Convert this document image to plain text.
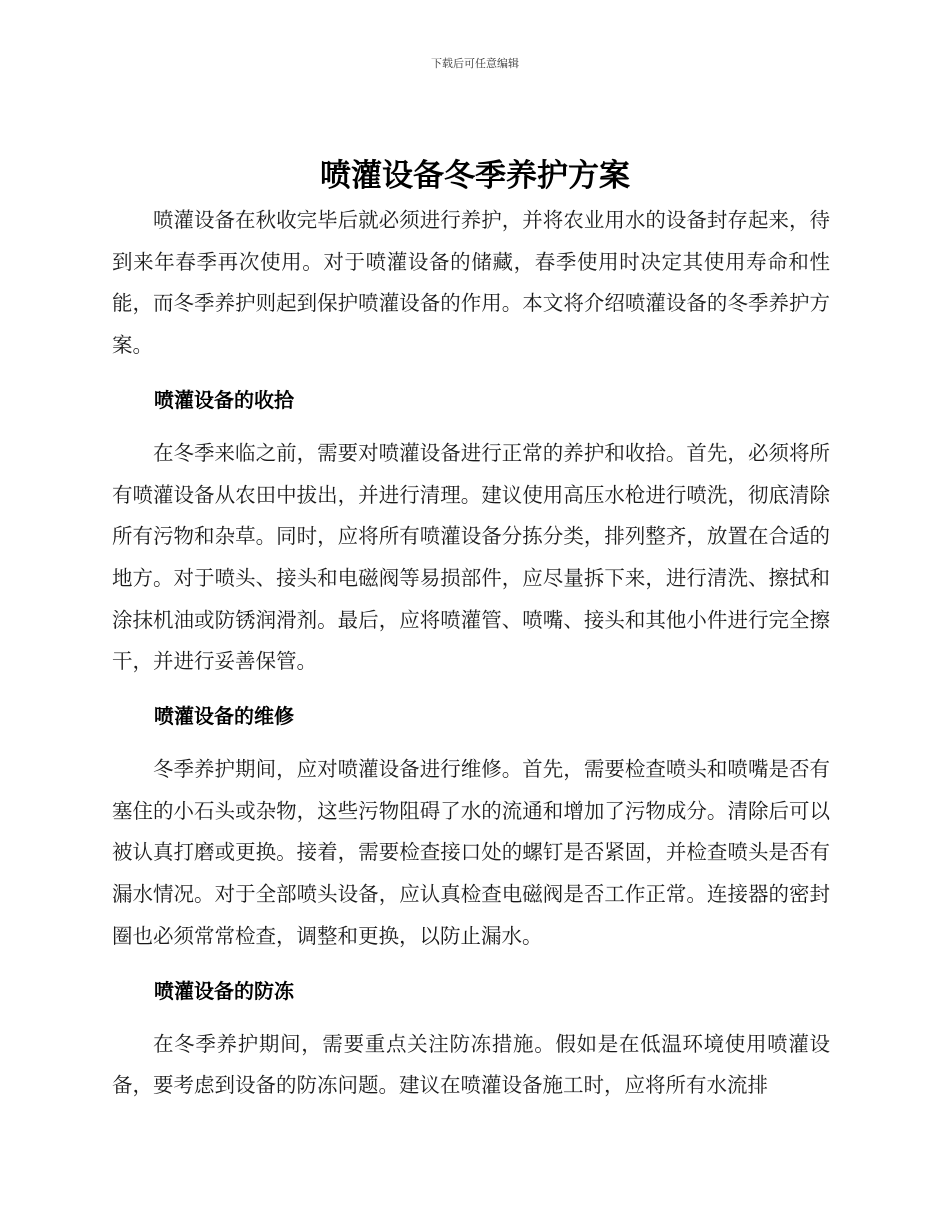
下载后可任意编辑
喷灌设备冬季养护方案

喷灌设备在秋收完毕后就必须进行养护，并将农业用水的设备封存起来，待到来年春季再次使用。对于喷灌设备的储藏，春季使用时决定其使用寿命和性能，而冬季养护则起到保护喷灌设备的作用。本文将介绍喷灌设备的冬季养护方案。

喷灌设备的收拾

在冬季来临之前，需要对喷灌设备进行正常的养护和收拾。首先，必须将所有喷灌设备从农田中拔出，并进行清理。建议使用高压水枪进行喷洗，彻底清除所有污物和杂草。同时，应将所有喷灌设备分拣分类，排列整齐，放置在合适的地方。对于喷头、接头和电磁阀等易损部件，应尽量拆下来，进行清洗、擦拭和涂抹机油或防锈润滑剂。最后，应将喷灌管、喷嘴、接头和其他小件进行完全擦干，并进行妥善保管。

喷灌设备的维修

冬季养护期间，应对喷灌设备进行维修。首先，需要检查喷头和喷嘴是否有塞住的小石头或杂物，这些污物阻碍了水的流通和增加了污物成分。清除后可以被认真打磨或更换。接着，需要检查接口处的螺钉是否紧固，并检查喷头是否有漏水情况。对于全部喷头设备，应认真检查电磁阀是否工作正常。连接器的密封圈也必须常常检查，调整和更换，以防止漏水。

喷灌设备的防冻

在冬季养护期间，需要重点关注防冻措施。假如是在低温环境使用喷灌设备，要考虑到设备的防冻问题。建议在喷灌设备施工时，应将所有水流排
